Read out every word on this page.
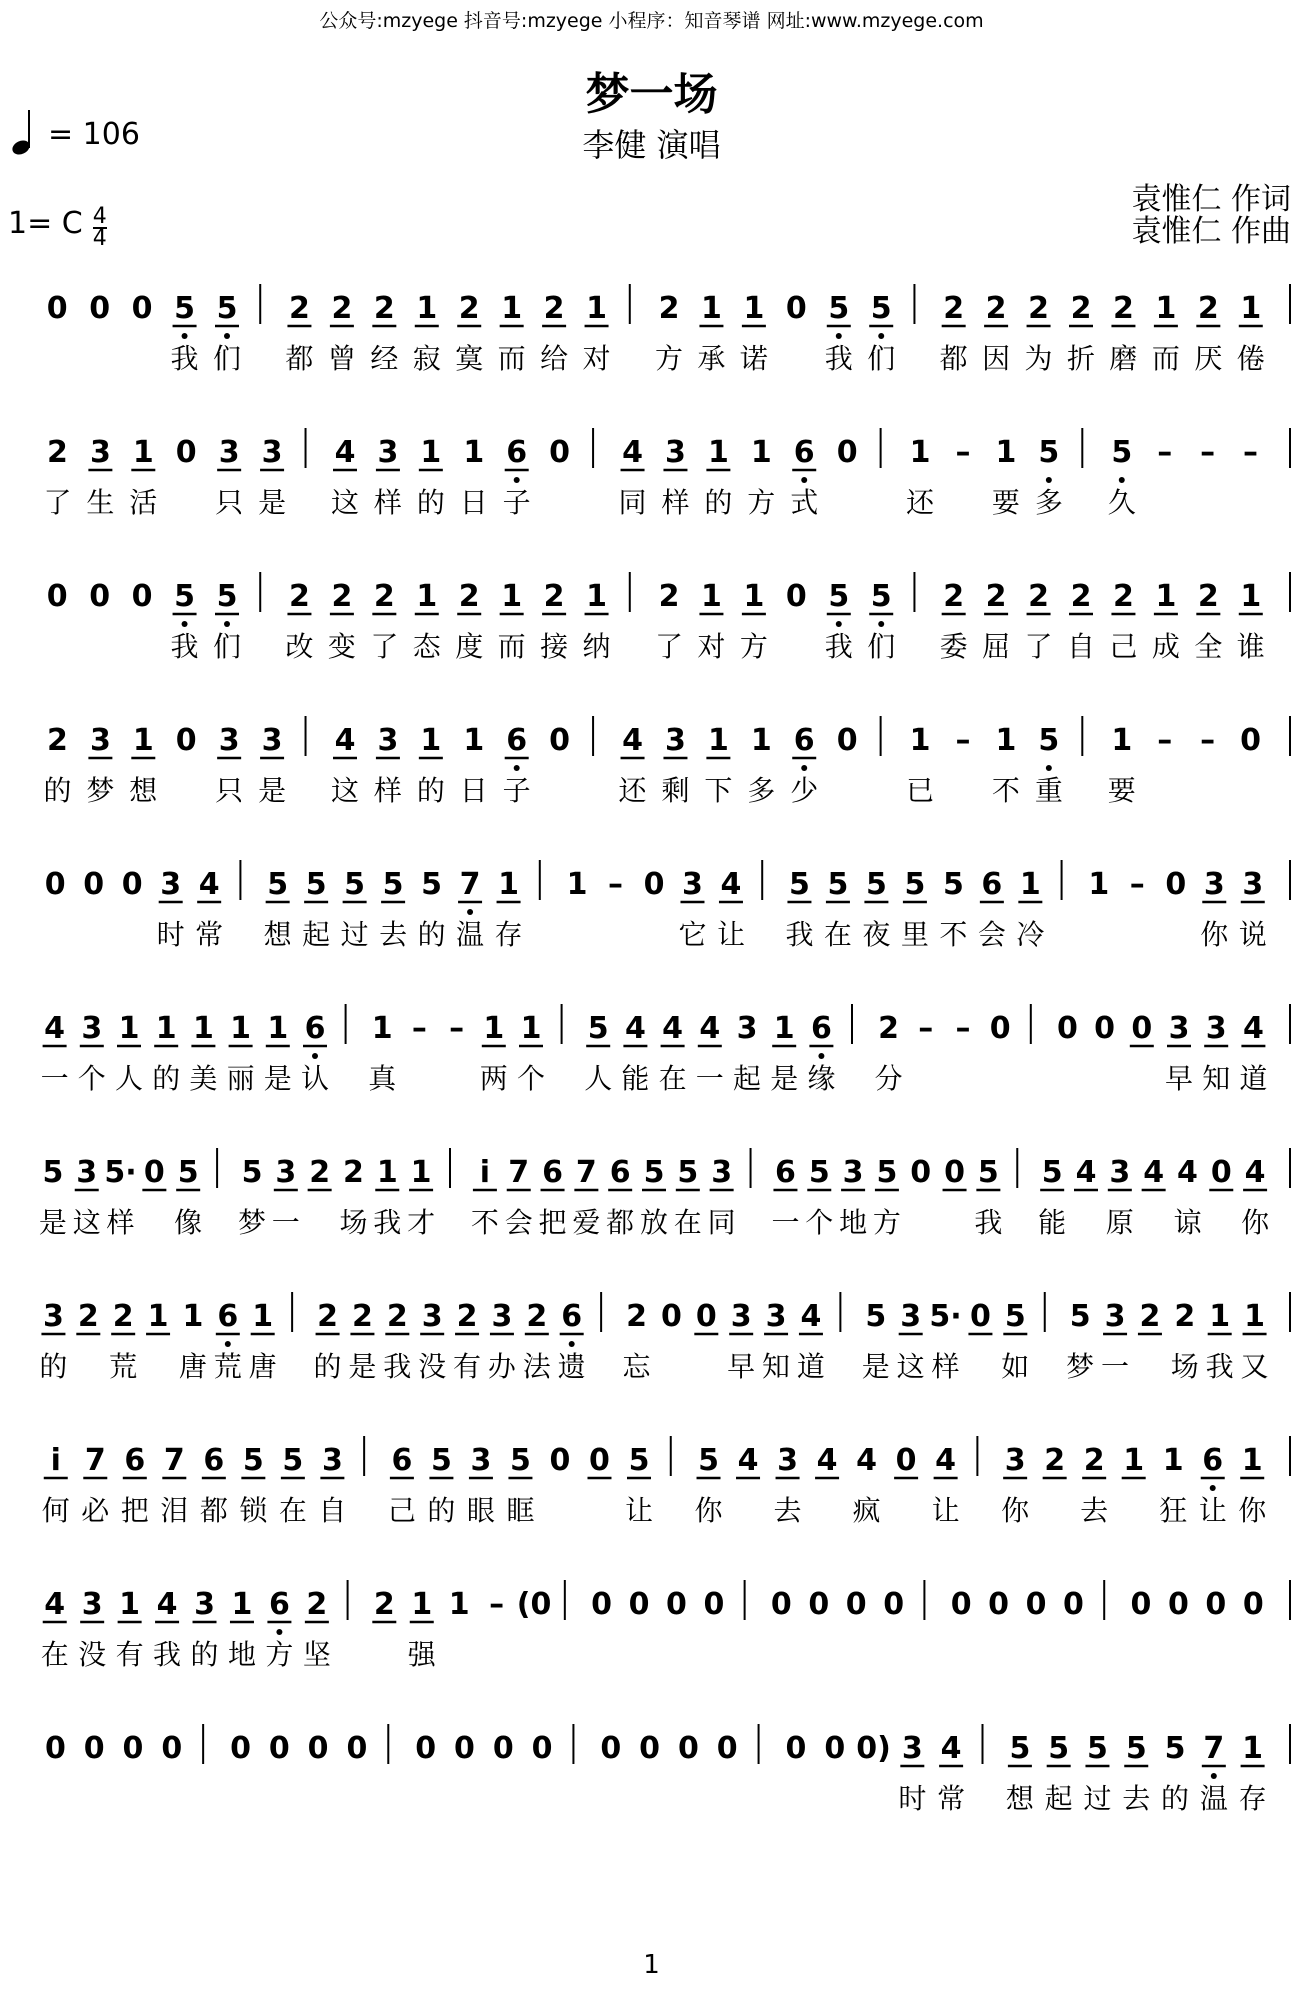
公众号:mzyege 抖音号:mzyege 小程序：知音琴谱 网址:www.mzyege.com
梦一场
李健 演唱
= 106
1= C $\frac{4}{4}$
袁惟仁 作词
袁惟仁 作曲
0 0 0 5
我
5
们
2
都
2
曾
2
经
1
寂
2
寞
1
而
2
给
1
对
2
方
1
承
1
诺
0 5
我
5
们
2
都
2
因
2
为
2
折
2
磨
1
而
2
厌
1
倦
2
了
3
生
1
活
0 3
只
3
是
4
这
3
样
1
的
1
日
6
子
0 4
同
3
样
1
的
1
方
6
式
0 1
还
– 1
要
5
多
5
久
– – –
0 0 0 5
我
5
们
2
改
2
变
2
了
1
态
2
度
1
而
2
接
1
纳
2
了
1
对
1
方
0 5
我
5
们
2
委
2
屈
2
了
2
自
2
己
1
成
2
全
1
谁
2
的
3
梦
1
想
0 3
只
3
是
4
这
3
样
1
的
1
日
6
子
0 4
还
3
剩
1
下
1
多
6
少
0 1
已
– 1
不
5
重
1
要
– – 0
0 0 0 3
时
4
常
5
想
5
起
5
过
5
去
5
的
7
温
1
存
1 – 0 3
它
4
让
5
我
5
在
5
夜
5
里
5
不
6
会
1
冷
1 – 0 3
你
3
说
4
一
3
个
1
人
1
的
1
美
1
丽
1
是
6
认
1
真
– – 1
两
1
个
5
人
4
能
4
在
4
一
3
起
1
是
6
缘
2
分
– – 0 0 0 0 3
早
3
知
4
道
5
是
3
这
5·
样
0 5
像
5
梦
3
一
2 2
场
1
我
1
才
i
不
7
会
6
把
7
爱
6
都
5
放
5
在
3
同
6
一
5
个
3
地
5
方
0 0 5
我
5
能
4 3
原
4 4
谅
0 4
你
3
的
2 2
荒
1 1
唐
6
荒
1
唐
2
的
2
是
2
我
3
没
2
有
3
办
2
法
6
遗
2
忘
0 0 3
早
3
知
4
道
5
是
3
这
5·
样
0 5
如
5
梦
3
一
2 2
场
1
我
1
又
i
何
7
必
6
把
7
泪
6
都
5
锁
5
在
3
自
6
己
5
的
3
眼
5
眶
0 0 5
让
5
你
4 3
去
4 4
疯
0 4
让
3
你
2 2
去
1 1
狂
6
让
1
你
4
在
3
没
1
有
4
我
3
的
1
地
6
方
2
坚
2 1
强
1 – (0 0 0 0 0 0 0 0 0 0 0 0 0 0 0 0 0
0 0 0 0 0 0 0 0 0 0 0 0 0 0 0 0 0 0 0) 3
时
4
常
5
想
5
起
5
过
5
去
5
的
7
温
1
存
1
